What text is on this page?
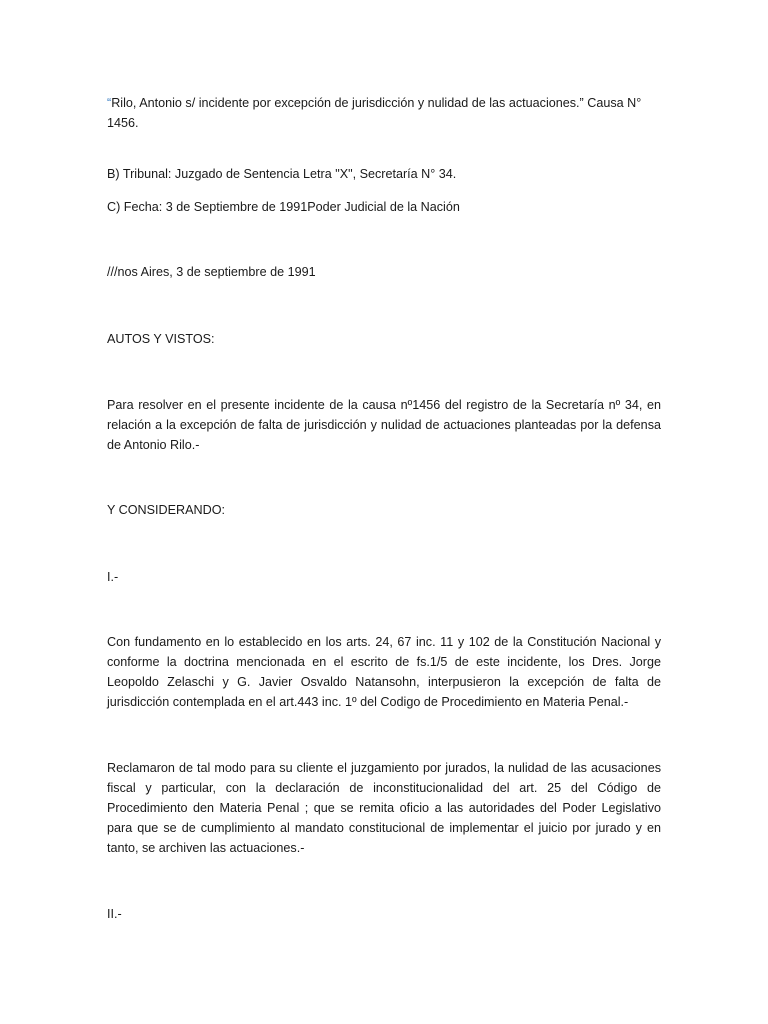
“Rilo, Antonio s/ incidente por excepción de jurisdicción y nulidad de las actuaciones.” Causa N° 1456.

B) Tribunal: Juzgado de Sentencia Letra "X", Secretaría N° 34.

C) Fecha: 3 de Septiembre de 1991Poder Judicial de la Nación

///nos Aires, 3 de septiembre de 1991

AUTOS Y VISTOS:

Para resolver en el presente incidente de la causa nº1456 del registro de la Secretaría nº 34, en relación a la excepción de falta de jurisdicción y nulidad de actuaciones planteadas por la defensa de Antonio Rilo.-

Y CONSIDERANDO:

I.-

Con fundamento en lo establecido en los arts. 24, 67 inc. 11 y 102 de la Constitución Nacional y conforme la doctrina mencionada en el escrito de fs.1/5 de este incidente, los Dres. Jorge Leopoldo Zelaschi y G. Javier Osvaldo Natansohn, interpusieron la excepción de falta de jurisdicción contemplada en el art.443 inc. 1º del Codigo de Procedimiento en Materia Penal.-

Reclamaron de tal modo para su cliente el juzgamiento por jurados, la nulidad de las acusaciones fiscal y particular, con la declaración de inconstitucionalidad del art. 25 del Código de Procedimiento den Materia Penal ; que se remita oficio a las autoridades del Poder Legislativo para que se de cumplimiento al mandato constitucional de implementar el juicio por jurado y en tanto, se archiven las actuaciones.-

II.-
